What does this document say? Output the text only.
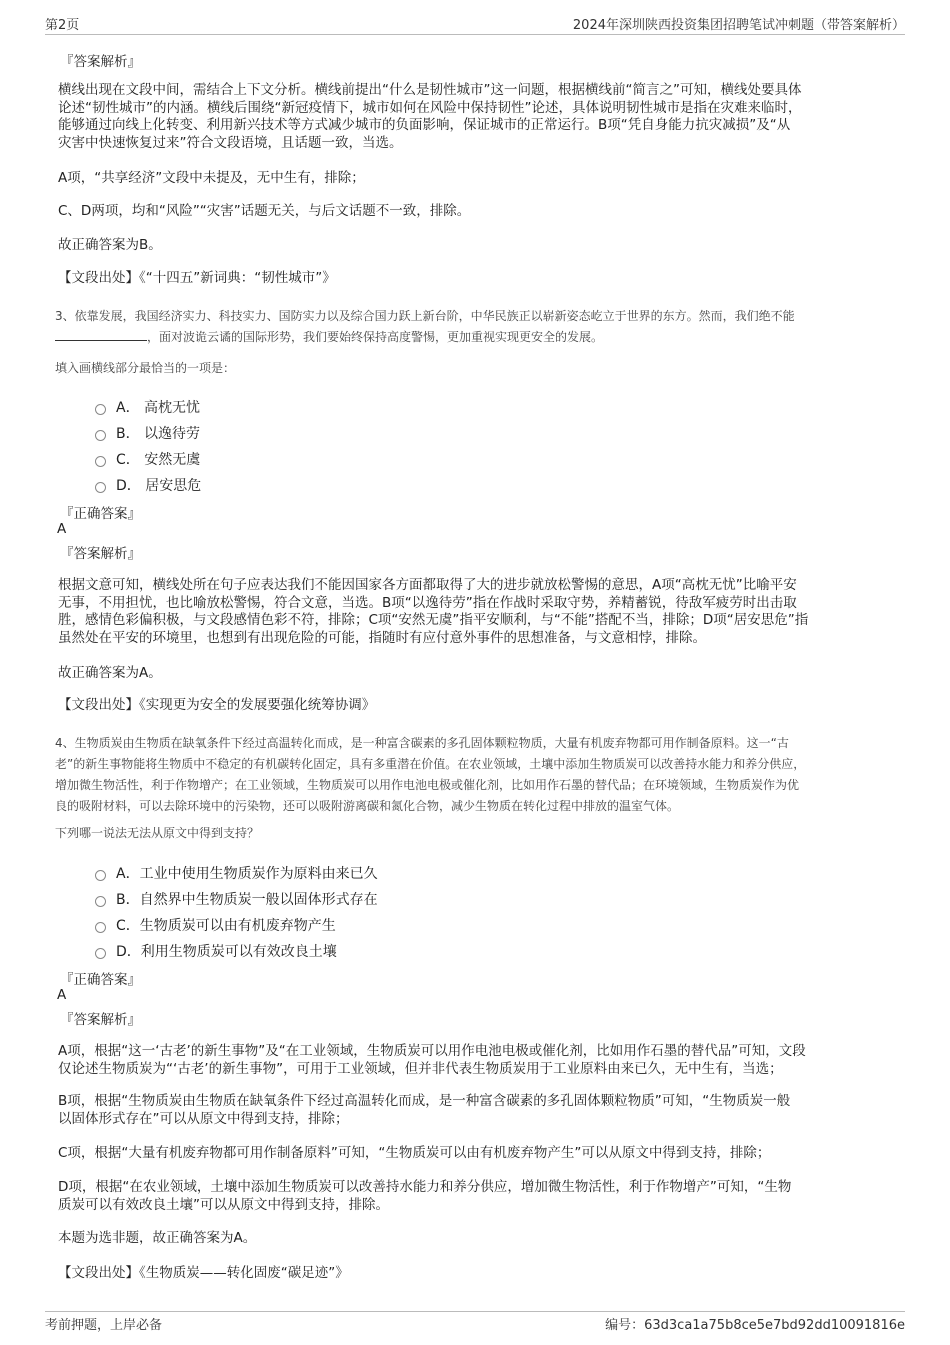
第2页	2024年深圳陕西投资集团招聘笔试冲刺题（带答案解析）
『答案解析』
横线出现在文段中间，需结合上下文分析。横线前提出“什么是韧性城市”这一问题，根据横线前“简言之”可知，横线处要具体
论述“韧性城市”的内涵。横线后围绕“新冠疫情下，城市如何在风险中保持韧性”论述，具体说明韧性城市是指在灾难来临时，
能够通过向线上化转变、利用新兴技术等方式减少城市的负面影响，保证城市的正常运行。B项“凭自身能力抗灾减损”及“从
灾害中快速恢复过来”符合文段语境，且话题一致，当选。
A项，“共享经济”文段中未提及，无中生有，排除；
C、D两项，均和“风险”“灾害”话题无关，与后文话题不一致，排除。
故正确答案为B。
【文段出处】《“十四五”新词典：“韧性城市”》
3、依靠发展，我国经济实力、科技实力、国防实力以及综合国力跃上新台阶，中华民族正以崭新姿态屹立于世界的东方。然而，我们绝不能
，面对波诡云谲的国际形势，我们要始终保持高度警惕，更加重视实现更安全的发展。
填入画横线部分最恰当的一项是：
A． 高枕无忧
B． 以逸待劳
C． 安然无虞
D． 居安思危
『正确答案』
A
『答案解析』
根据文意可知，横线处所在句子应表达我们不能因国家各方面都取得了大的进步就放松警惕的意思，A项“高枕无忧”比喻平安
无事，不用担忧，也比喻放松警惕，符合文意，当选。B项“以逸待劳”指在作战时采取守势，养精蓄锐，待敌军疲劳时出击取
胜，感情色彩偏积极，与文段感情色彩不符，排除；C项“安然无虞”指平安顺利，与“不能”搭配不当，排除；D项“居安思危”指
虽然处在平安的环境里，也想到有出现危险的可能，指随时有应付意外事件的思想准备，与文意相悖，排除。
故正确答案为A。
【文段出处】《实现更为安全的发展要强化统筹协调》
4、生物质炭由生物质在缺氧条件下经过高温转化而成，是一种富含碳素的多孔固体颗粒物质，大量有机废弃物都可用作制备原料。这一“古
老”的新生事物能将生物质中不稳定的有机碳转化固定，具有多重潜在价值。在农业领域，土壤中添加生物质炭可以改善持水能力和养分供应，
增加微生物活性，利于作物增产；在工业领域，生物质炭可以用作电池电极或催化剂，比如用作石墨的替代品；在环境领域，生物质炭作为优
良的吸附材料，可以去除环境中的污染物，还可以吸附游离碳和氮化合物，减少生物质在转化过程中排放的温室气体。
下列哪一说法无法从原文中得到支持？
A．工业中使用生物质炭作为原料由来已久
B．自然界中生物质炭一般以固体形式存在
C．生物质炭可以由有机废弃物产生
D．利用生物质炭可以有效改良土壤
『正确答案』
A
『答案解析』
A项，根据“这一‘古老’的新生事物”及“在工业领域，生物质炭可以用作电池电极或催化剂，比如用作石墨的替代品”可知，文段
仅论述生物质炭为“‘古老’的新生事物”，可用于工业领域，但并非代表生物质炭用于工业原料由来已久，无中生有，当选；
B项，根据“生物质炭由生物质在缺氧条件下经过高温转化而成，是一种富含碳素的多孔固体颗粒物质”可知，“生物质炭一般
以固体形式存在”可以从原文中得到支持，排除；
C项，根据“大量有机废弃物都可用作制备原料”可知，“生物质炭可以由有机废弃物产生”可以从原文中得到支持，排除；
D项，根据“在农业领域，土壤中添加生物质炭可以改善持水能力和养分供应，增加微生物活性，利于作物增产”可知，“生物
质炭可以有效改良土壤”可以从原文中得到支持，排除。
本题为选非题，故正确答案为A。
【文段出处】《生物质炭——转化固废“碳足迹”》
考前押题，上岸必备	编号：63d3ca1a75b8ce5e7bd92dd10091816e
